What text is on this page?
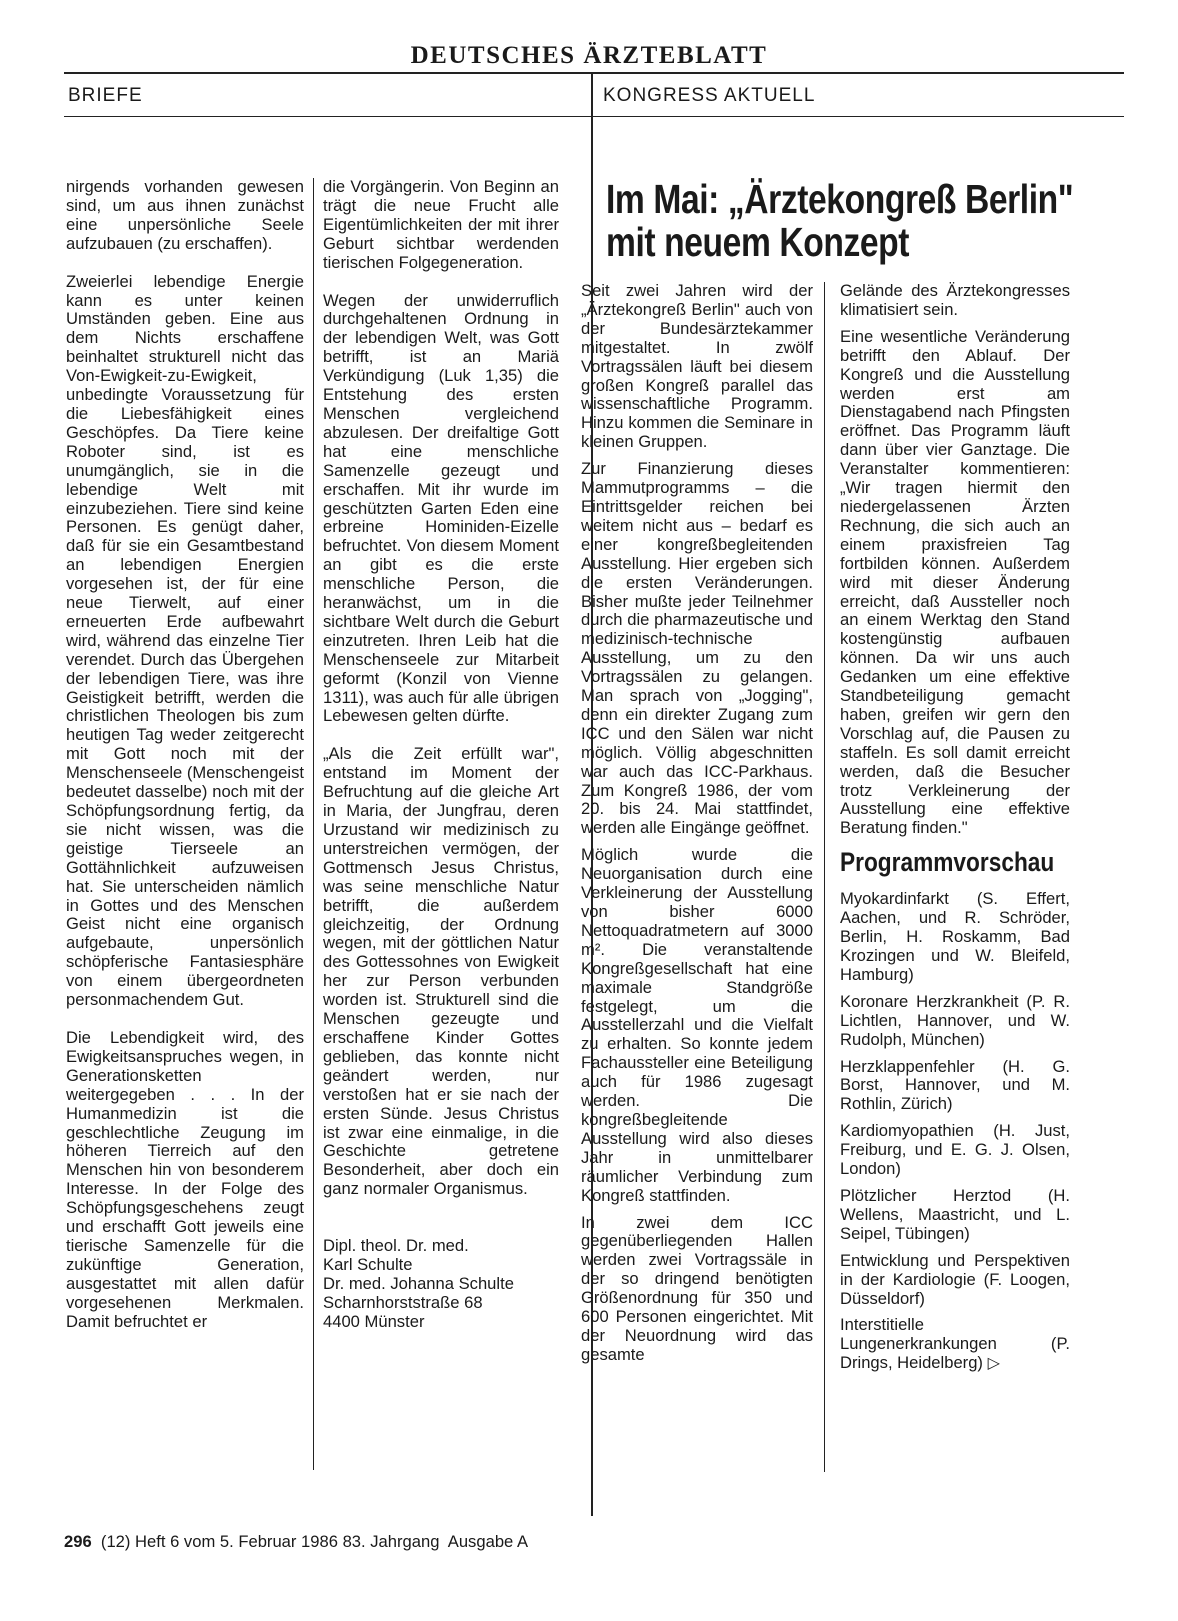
DEUTSCHES ÄRZTEBLATT
BRIEFE	KONGRESS AKTUELL

nirgends vorhanden gewesen sind, um aus ihnen zunächst eine unpersönliche Seele aufzubauen (zu erschaffen).

Zweierlei lebendige Energie kann es unter keinen Umständen geben. Eine aus dem Nichts erschaffene beinhaltet strukturell nicht das Von-Ewigkeit-zu-Ewigkeit, unbedingte Voraussetzung für die Liebesfähigkeit eines Geschöpfes. Da Tiere keine Roboter sind, ist es unumgänglich, sie in die lebendige Welt mit einzubeziehen. Tiere sind keine Personen. Es genügt daher, daß für sie ein Gesamtbestand an lebendigen Energien vorgesehen ist, der für eine neue Tierwelt, auf einer erneuerten Erde aufbewahrt wird, während das einzelne Tier verendet. Durch das Übergehen der lebendigen Tiere, was ihre Geistigkeit betrifft, werden die christlichen Theologen bis zum heutigen Tag weder zeitgerecht mit Gott noch mit der Menschenseele (Menschengeist bedeutet dasselbe) noch mit der Schöpfungsordnung fertig, da sie nicht wissen, was die geistige Tierseele an Gottähnlichkeit aufzuweisen hat. Sie unterscheiden nämlich in Gottes und des Menschen Geist nicht eine organisch aufgebaute, unpersönlich schöpferische Fantasiesphäre von einem übergeordneten personmachendem Gut.

Die Lebendigkeit wird, des Ewigkeitsanspruches wegen, in Generationsketten weitergegeben . . . In der Humanmedizin ist die geschlechtliche Zeugung im höheren Tierreich auf den Menschen hin von besonderem Interesse. In der Folge des Schöpfungsgeschehens zeugt und erschafft Gott jeweils eine tierische Samenzelle für die zukünftige Generation, ausgestattet mit allen dafür vorgesehenen Merkmalen. Damit befruchtet er

die Vorgängerin. Von Beginn an trägt die neue Frucht alle Eigentümlichkeiten der mit ihrer Geburt sichtbar werdenden tierischen Folgegeneration.

Wegen der unwiderruflich durchgehaltenen Ordnung in der lebendigen Welt, was Gott betrifft, ist an Mariä Verkündigung (Luk 1,35) die Entstehung des ersten Menschen vergleichend abzulesen. Der dreifaltige Gott hat eine menschliche Samenzelle gezeugt und erschaffen. Mit ihr wurde im geschützten Garten Eden eine erbreine Hominiden-Eizelle befruchtet. Von diesem Moment an gibt es die erste menschliche Person, die heranwächst, um in die sichtbare Welt durch die Geburt einzutreten. Ihren Leib hat die Menschenseele zur Mitarbeit geformt (Konzil von Vienne 1311), was auch für alle übrigen Lebewesen gelten dürfte.

„Als die Zeit erfüllt war", entstand im Moment der Befruchtung auf die gleiche Art in Maria, der Jungfrau, deren Urzustand wir medizinisch zu unterstreichen vermögen, der Gottmensch Jesus Christus, was seine menschliche Natur betrifft, die außerdem gleichzeitig, der Ordnung wegen, mit der göttlichen Natur des Gottessohnes von Ewigkeit her zur Person verbunden worden ist. Strukturell sind die Menschen gezeugte und erschaffene Kinder Gottes geblieben, das konnte nicht geändert werden, nur verstoßen hat er sie nach der ersten Sünde. Jesus Christus ist zwar eine einmalige, in die Geschichte getretene Besonderheit, aber doch ein ganz normaler Organismus.

Dipl. theol. Dr. med.
Karl Schulte
Dr. med. Johanna Schulte
Scharnhorststraße 68
4400 Münster
Im Mai: „Ärztekongreß Berlin"
mit neuem Konzept

Seit zwei Jahren wird der „Ärztekongreß Berlin" auch von der Bundesärztekammer mitgestaltet. In zwölf Vortragssälen läuft bei diesem großen Kongreß parallel das wissenschaftliche Programm. Hinzu kommen die Seminare in kleinen Gruppen.

Zur Finanzierung dieses Mammutprogramms – die Eintrittsgelder reichen bei weitem nicht aus – bedarf es einer kongreßbegleitenden Ausstellung. Hier ergeben sich die ersten Veränderungen. Bisher mußte jeder Teilnehmer durch die pharmazeutische und medizinisch-technische Ausstellung, um zu den Vortragssälen zu gelangen. Man sprach von „Jogging", denn ein direkter Zugang zum ICC und den Sälen war nicht möglich. Völlig abgeschnitten war auch das ICC-Parkhaus. Zum Kongreß 1986, der vom 20. bis 24. Mai stattfindet, werden alle Eingänge geöffnet.

Möglich wurde die Neuorganisation durch eine Verkleinerung der Ausstellung von bisher 6000 Nettoquadratmetern auf 3000 m². Die veranstaltende Kongreßgesellschaft hat eine maximale Standgröße festgelegt, um die Ausstellerzahl und die Vielfalt zu erhalten. So konnte jedem Fachaussteller eine Beteiligung auch für 1986 zugesagt werden. Die kongreßbegleitende Ausstellung wird also dieses Jahr in unmittelbarer räumlicher Verbindung zum Kongreß stattfinden.

In zwei dem ICC gegenüberliegenden Hallen werden zwei Vortragssäle in der so dringend benötigten Größenordnung für 350 und 600 Personen eingerichtet. Mit der Neuordnung wird das gesamte

Gelände des Ärztekongresses klimatisiert sein.

Eine wesentliche Veränderung betrifft den Ablauf. Der Kongreß und die Ausstellung werden erst am Dienstagabend nach Pfingsten eröffnet. Das Programm läuft dann über vier Ganztage. Die Veranstalter kommentieren: „Wir tragen hiermit den niedergelassenen Ärzten Rechnung, die sich auch an einem praxisfreien Tag fortbilden können. Außerdem wird mit dieser Änderung erreicht, daß Aussteller noch an einem Werktag den Stand kostengünstig aufbauen können. Da wir uns auch Gedanken um eine effektive Standbeteiligung gemacht haben, greifen wir gern den Vorschlag auf, die Pausen zu staffeln. Es soll damit erreicht werden, daß die Besucher trotz Verkleinerung der Ausstellung eine effektive Beratung finden."

Programmvorschau

Myokardinfarkt (S. Effert, Aachen, und R. Schröder, Berlin, H. Roskamm, Bad Krozingen und W. Bleifeld, Hamburg)

Koronare Herzkrankheit (P. R. Lichtlen, Hannover, und W. Rudolph, München)

Herzklappenfehler (H. G. Borst, Hannover, und M. Rothlin, Zürich)

Kardiomyopathien (H. Just, Freiburg, und E. G. J. Olsen, London)

Plötzlicher Herztod (H. Wellens, Maastricht, und L. Seipel, Tübingen)

Entwicklung und Perspektiven in der Kardiologie (F. Loogen, Düsseldorf)

Interstitielle Lungenerkrankungen (P. Drings, Heidelberg) ▷

296 (12) Heft 6 vom 5. Februar 1986 83. Jahrgang Ausgabe A
